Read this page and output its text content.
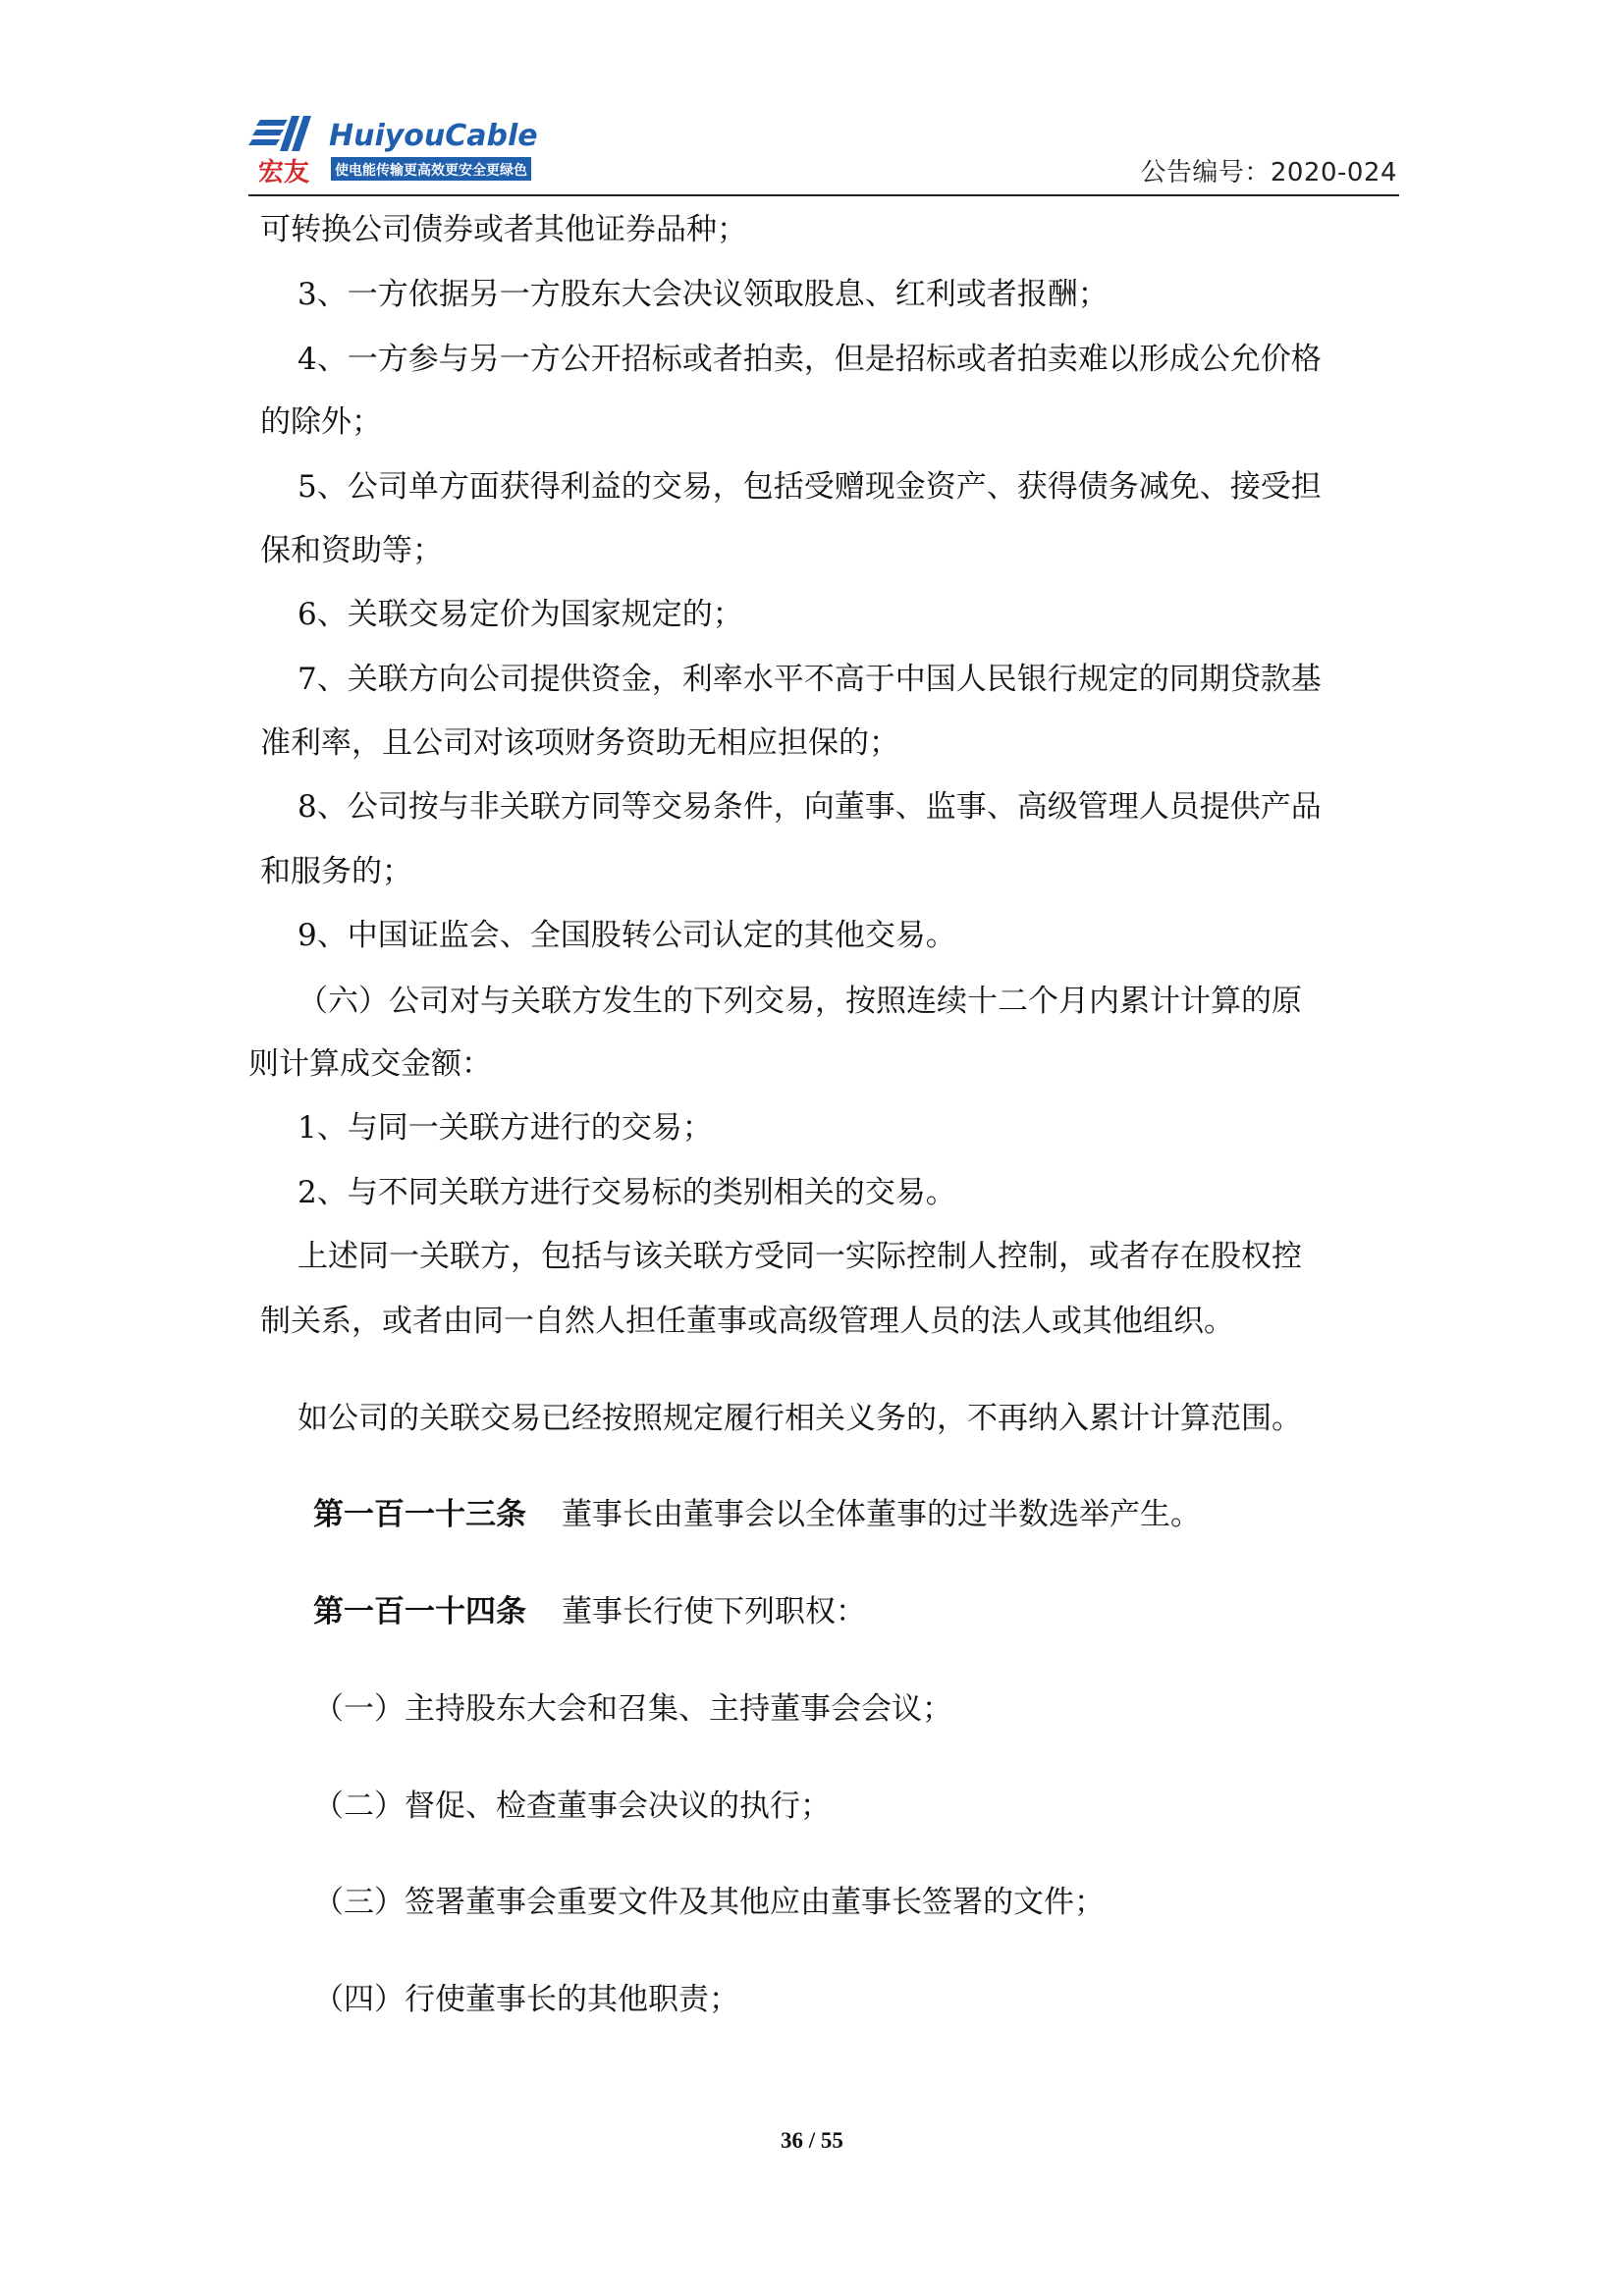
宏友
HuiyouCable
使电能传输更高效更安全更绿色	公告编号：2020-024
可转换公司债券或者其他证券品种；
3、一方依据另一方股东大会决议领取股息、红利或者报酬；
4、一方参与另一方公开招标或者拍卖，但是招标或者拍卖难以形成公允价格
的除外；
5、公司单方面获得利益的交易，包括受赠现金资产、获得债务减免、接受担
保和资助等；
6、关联交易定价为国家规定的；
7、关联方向公司提供资金，利率水平不高于中国人民银行规定的同期贷款基
准利率，且公司对该项财务资助无相应担保的；
8、公司按与非关联方同等交易条件，向董事、监事、高级管理人员提供产品
和服务的；
9、中国证监会、全国股转公司认定的其他交易。
（六）公司对与关联方发生的下列交易，按照连续十二个月内累计计算的原
则计算成交金额：
1、与同一关联方进行的交易；
2、与不同关联方进行交易标的类别相关的交易。
上述同一关联方，包括与该关联方受同一实际控制人控制，或者存在股权控
制关系，或者由同一自然人担任董事或高级管理人员的法人或其他组织。
如公司的关联交易已经按照规定履行相关义务的，不再纳入累计计算范围。
第一百一十三条 董事长由董事会以全体董事的过半数选举产生。
第一百一十四条 董事长行使下列职权：
（一）主持股东大会和召集、主持董事会会议；
（二）督促、检查董事会决议的执行；
（三）签署董事会重要文件及其他应由董事长签署的文件；
（四）行使董事长的其他职责；
36 / 55
